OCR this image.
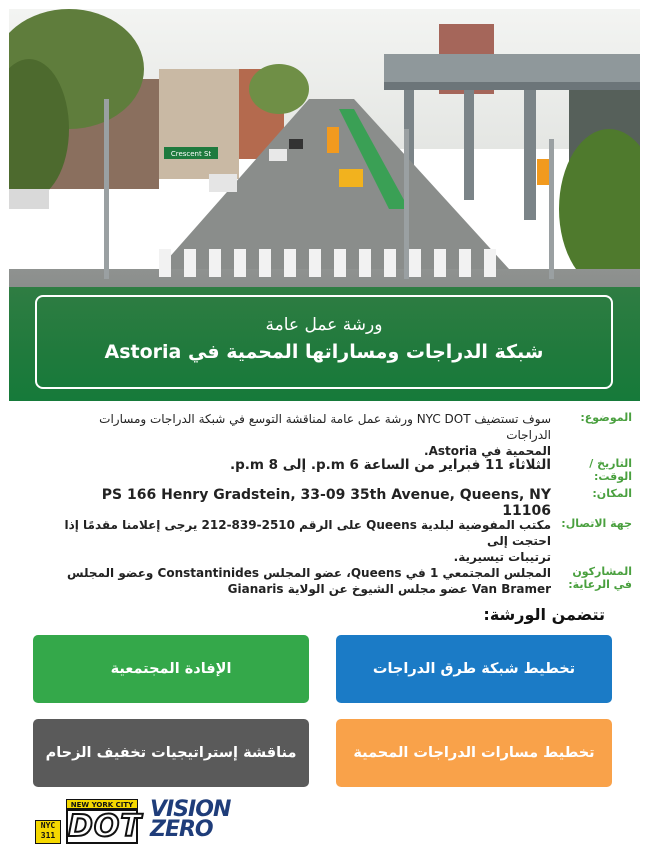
Crescent St
ورشة عمل عامة
شبكة الدراجات ومساراتها المحمية في Astoria
الموضوع:
سوف تستضيف NYC DOT ورشة عمل عامة لمناقشة التوسع في شبكة الدراجات ومسارات الدراجات
المحمية في Astoria.
التاريخ / الوقت:
الثلاثاء 11 فبراير من الساعة 6 p.m. إلى 8 p.m.
المكان:
PS 166 Henry Gradstein, 33-09 35th Avenue, Queens, NY 11106
جهة الاتصال:
مكتب المفوضية لبلدية Queens على الرقم 2510-839-212 يرجى إعلامنا مقدمًا إذا احتجت إلى
ترتيبات تيسيرية.
المشاركون في الرعاية:
المجلس المجتمعي 1 في Queens، عضو المجلس Constantinides وعضو المجلس
Van Bramer عضو مجلس الشيوخ عن الولاية Gianaris
تتضمن الورشة:
تخطيط شبكة طرق الدراجات
الإفادة المجتمعية
تخطيط مسارات الدراجات المحمية
مناقشة إستراتيجيات تخفيف الزحام
NYC
311
NEW YORK CITY
DOT VISION
ZERO
